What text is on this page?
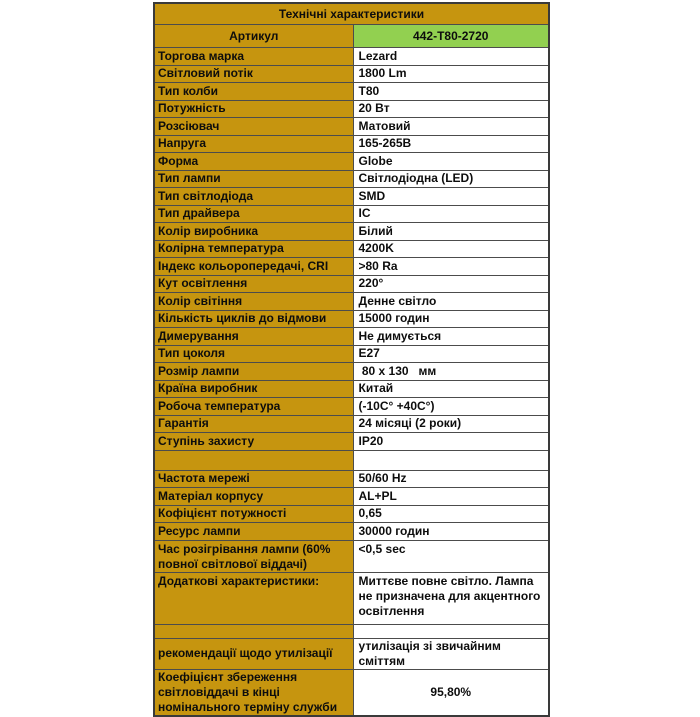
Технічні характеристики	
Артикул	442-T80-2720
Торгова марка	Lezard
Світловий потік	1800 Lm
Тип колби	T80
Потужність	20 Вт
Розсіювач	Матовий
Напруга	165-265В
Форма	Globe
Тип лампи	Світлодіодна (LED)
Тип світлодіода	SMD
Тип драйвера	IC
Колір виробника	Білий
Колірна температура	4200K
Індекс кольоропередачі, CRI	>80 Ra
Кут освітлення	220°
Колір світіння	Денне світло
Кількість циклів до відмови	15000 годин
Димерування	Не димується
Тип цоколя	E27
Розмір лампи	80 x 130   мм
Країна виробник	Китай
Робоча температура	(-10C° +40C°)
Гарантія	24 місяці (2 роки)
Ступінь захисту	IP20

Частота мережі	50/60 Hz
Матеріал корпусу	AL+PL
Кофіцієнт потужності	0,65
Ресурс лампи	30000 годин
Час розігрівання лампи (60% повної світлової віддачі)	<0,5 sec
Додаткові характеристики:	Миттєве повне світло. Лампа не призначена для акцентного освітлення

рекомендації щодо утилізації	утилізація зі звичайним сміттям
Коефіцієнт збереження світловіддачі в кінці номінального терміну служби	95,80%
